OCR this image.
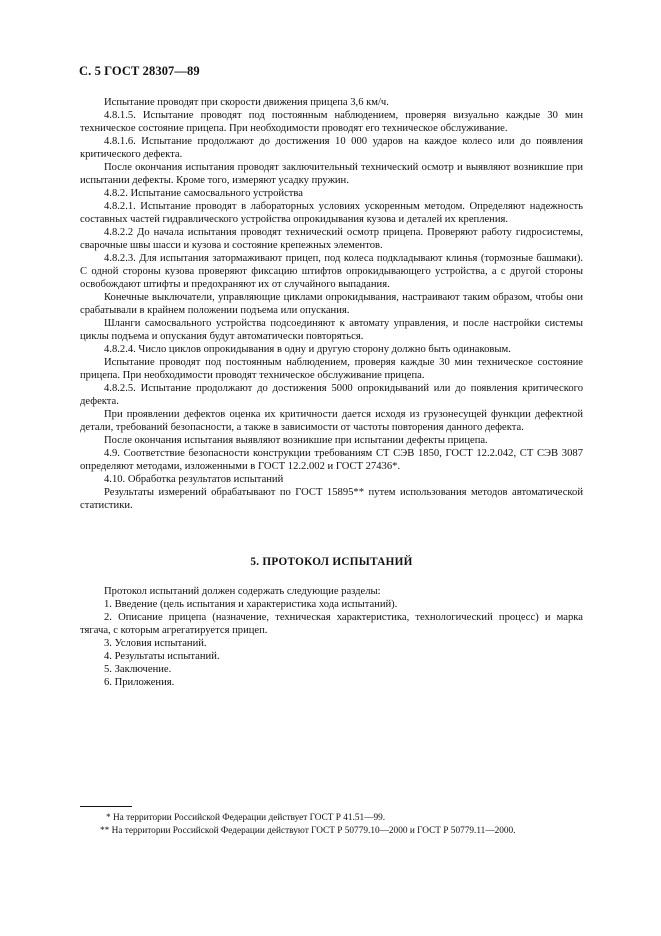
С. 5 ГОСТ 28307—89

Испытание проводят при скорости движения прицепа 3,6 км/ч.

4.8.1.5. Испытание проводят под постоянным наблюдением, проверяя визуально каждые 30 мин техническое состояние прицепа. При необходимости проводят его техническое обслуживание.

4.8.1.6. Испытание продолжают до достижения 10 000 ударов на каждое колесо или до появления критического дефекта.

После окончания испытания проводят заключительный технический осмотр и выявляют возникшие при испытании дефекты. Кроме того, измеряют усадку пружин.

4.8.2. Испытание самосвального устройства

4.8.2.1. Испытание проводят в лабораторных условиях ускоренным методом. Определяют надежность составных частей гидравлического устройства опрокидывания кузова и деталей их крепления.

4.8.2.2 До начала испытания проводят технический осмотр прицепа. Проверяют работу гидросистемы, сварочные швы шасси и кузова и состояние крепежных элементов.

4.8.2.3. Для испытания затормаживают прицеп, под колеса подкладывают клинья (тормозные башмаки). С одной стороны кузова проверяют фиксацию штифтов опрокидывающего устройства, а с другой стороны освобождают штифты и предохраняют их от случайного выпадания.

Конечные выключатели, управляющие циклами опрокидывания, настраивают таким образом, чтобы они срабатывали в крайнем положении подъема или опускания.

Шланги самосвального устройства подсоединяют к автомату управления, и после настройки системы циклы подъема и опускания будут автоматически повторяться.

4.8.2.4. Число циклов опрокидывания в одну и другую сторону должно быть одинаковым.

Испытание проводят под постоянным наблюдением, проверяя каждые 30 мин техническое состояние прицепа. При необходимости проводят техническое обслуживание прицепа.

4.8.2.5. Испытание продолжают до достижения 5000 опрокидываний или до появления критического дефекта.

При проявлении дефектов оценка их критичности дается исходя из грузонесущей функции дефектной детали, требований безопасности, а также в зависимости от частоты повторения данного дефекта.

После окончания испытания выявляют возникшие при испытании дефекты прицепа.

4.9. Соответствие безопасности конструкции требованиям СТ СЭВ 1850, ГОСТ 12.2.042, СТ СЭВ 3087 определяют методами, изложенными в ГОСТ 12.2.002 и ГОСТ 27436*.

4.10. Обработка результатов испытаний

Результаты измерений обрабатывают по ГОСТ 15895** путем использования методов автоматической статистики.

5. ПРОТОКОЛ ИСПЫТАНИЙ

Протокол испытаний должен содержать следующие разделы:

1. Введение (цель испытания и характеристика хода испытаний).

2. Описание прицепа (назначение, техническая характеристика, технологический процесс) и марка тягача, с которым агрегатируется прицеп.

3. Условия испытаний.

4. Результаты испытаний.

5. Заключение.

6. Приложения.

* На территории Российской Федерации действует ГОСТ Р 41.51—99.

** На территории Российской Федерации действуют ГОСТ Р 50779.10—2000 и ГОСТ Р 50779.11—2000.
